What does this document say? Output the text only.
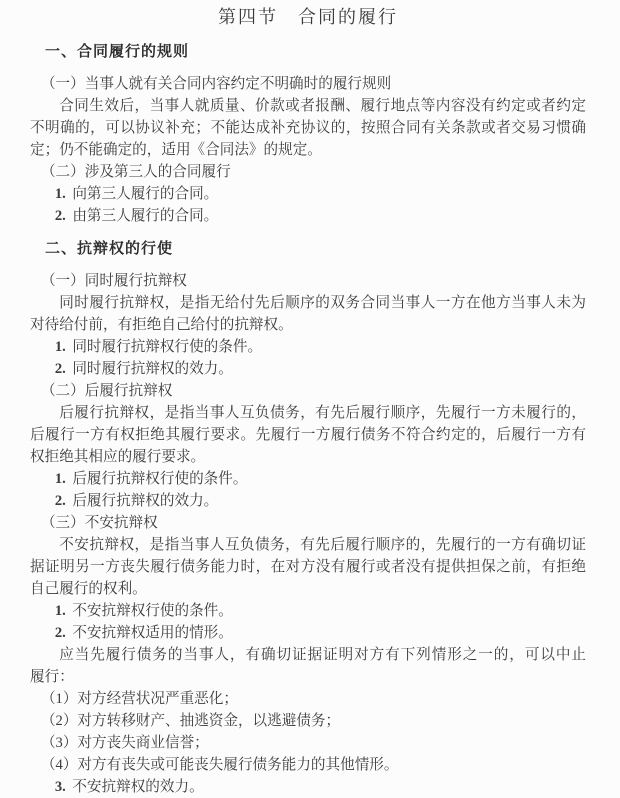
第四节　合同的履行
一、合同履行的规则
（一）当事人就有关合同内容约定不明确时的履行规则
合同生效后，当事人就质量、价款或者报酬、履行地点等内容没有约定或者约定
不明确的，可以协议补充；不能达成补充协议的，按照合同有关条款或者交易习惯确
定；仍不能确定的，适用《合同法》的规定。
（二）涉及第三人的合同履行
1. 向第三人履行的合同。
2. 由第三人履行的合同。
二、抗辩权的行使
（一）同时履行抗辩权
同时履行抗辩权，是指无给付先后顺序的双务合同当事人一方在他方当事人未为
对待给付前，有拒绝自己给付的抗辩权。
1. 同时履行抗辩权行使的条件。
2. 同时履行抗辩权的效力。
（二）后履行抗辩权
后履行抗辩权，是指当事人互负债务，有先后履行顺序，先履行一方未履行的，
后履行一方有权拒绝其履行要求。先履行一方履行债务不符合约定的，后履行一方有
权拒绝其相应的履行要求。
1. 后履行抗辩权行使的条件。
2. 后履行抗辩权的效力。
（三）不安抗辩权
不安抗辩权，是指当事人互负债务，有先后履行顺序的，先履行的一方有确切证
据证明另一方丧失履行债务能力时，在对方没有履行或者没有提供担保之前，有拒绝
自己履行的权利。
1. 不安抗辩权行使的条件。
2. 不安抗辩权适用的情形。
应当先履行债务的当事人，有确切证据证明对方有下列情形之一的，可以中止
履行：
（1）对方经营状况严重恶化；
（2）对方转移财产、抽逃资金，以逃避债务；
（3）对方丧失商业信誉；
（4）对方有丧失或可能丧失履行债务能力的其他情形。
3. 不安抗辩权的效力。
